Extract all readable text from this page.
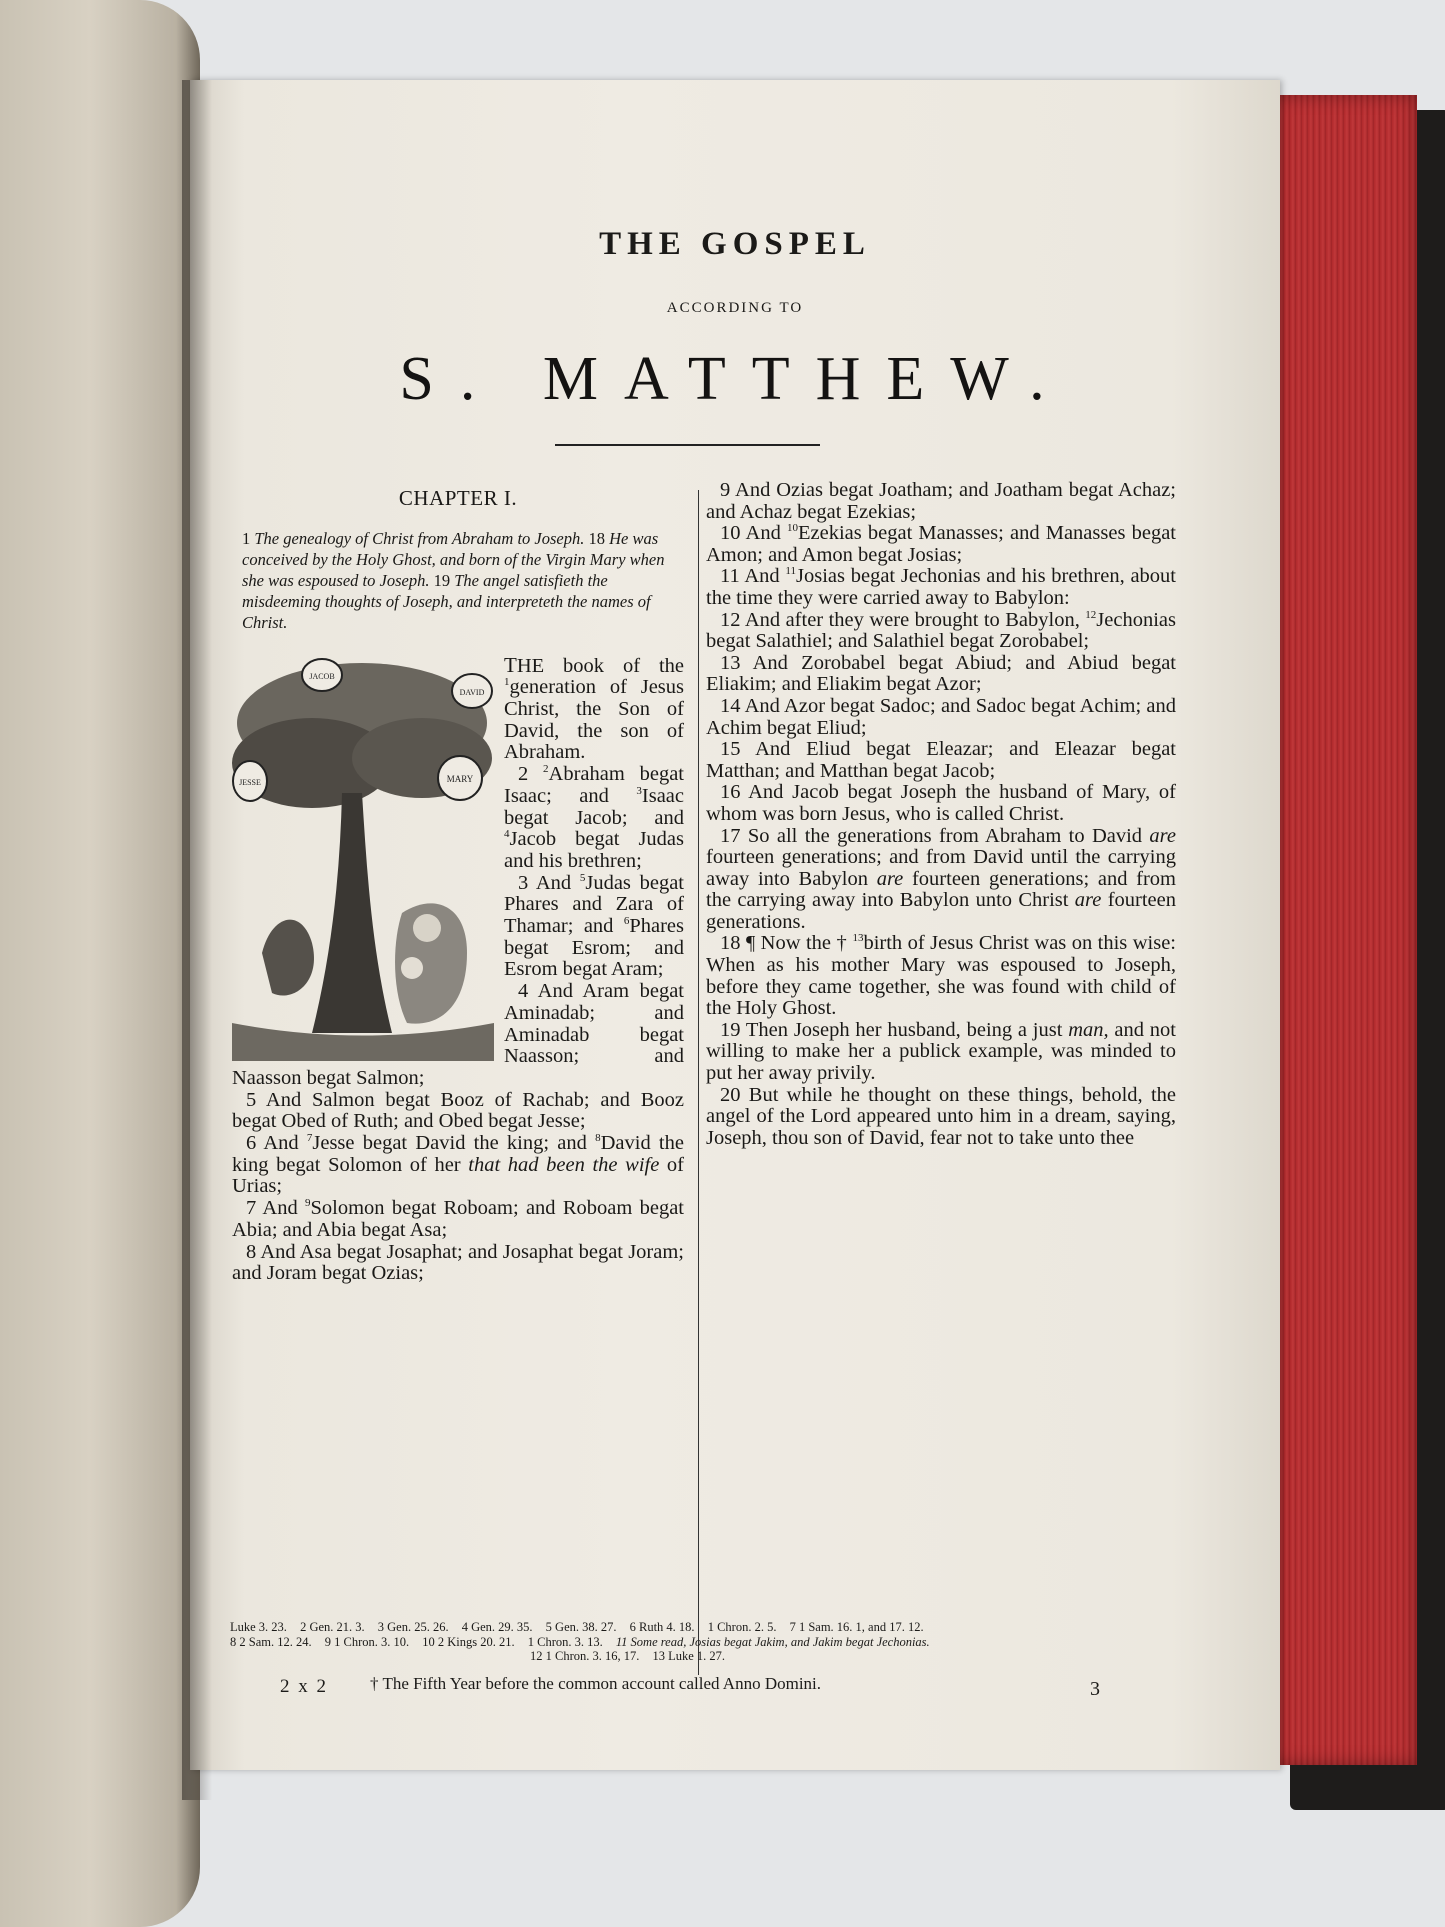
THE GOSPEL
ACCORDING TO
S. MATTHEW.
CHAPTER I.
1 The genealogy of Christ from Abraham to Joseph. 18 He was conceived by the Holy Ghost, and born of the Virgin Mary when she was espoused to Joseph. 19 The angel satisfieth the misdeeming thoughts of Joseph, and interpreteth the names of Christ.
JACOB
DAVID
JESSE	MARY

THE book of the $^1$generation of Jesus Christ, the Son of David, the son of Abraham.

2 $^2$Abraham begat Isaac; and $^3$Isaac begat Jacob; and $^4$Jacob begat Judas and his brethren;

3 And $^5$Judas begat Phares and Zara of Thamar; and $^6$Phares begat Esrom; and Esrom begat Aram;

4 And Aram begat Aminadab; and Aminadab begat Naasson; and Naasson begat Salmon;

5 And Salmon begat Booz of Rachab; and Booz begat Obed of Ruth; and Obed begat Jesse;

6 And $^7$Jesse begat David the king; and $^8$David the king begat Solomon of her that had been the wife of Urias;

7 And $^9$Solomon begat Roboam; and Roboam begat Abia; and Abia begat Asa;

8 And Asa begat Josaphat; and Josaphat begat Joram; and Joram begat Ozias;

9 And Ozias begat Joatham; and Joatham begat Achaz; and Achaz begat Ezekias;

10 And $^{10}$Ezekias begat Manasses; and Manasses begat Amon; and Amon begat Josias;

11 And $^{11}$Josias begat Jechonias and his brethren, about the time they were carried away to Babylon:

12 And after they were brought to Babylon, $^{12}$Jechonias begat Salathiel; and Salathiel begat Zorobabel;

13 And Zorobabel begat Abiud; and Abiud begat Eliakim; and Eliakim begat Azor;

14 And Azor begat Sadoc; and Sadoc begat Achim; and Achim begat Eliud;

15 And Eliud begat Eleazar; and Eleazar begat Matthan; and Matthan begat Jacob;

16 And Jacob begat Joseph the husband of Mary, of whom was born Jesus, who is called Christ.

17 So all the generations from Abraham to David are fourteen generations; and from David until the carrying away into Babylon are fourteen generations; and from the carrying away into Babylon unto Christ are fourteen generations.

18 ¶ Now the † $^{13}$birth of Jesus Christ was on this wise: When as his mother Mary was espoused to Joseph, before they came together, she was found with child of the Holy Ghost.

19 Then Joseph her husband, being a just man, and not willing to make her a publick example, was minded to put her away privily.

20 But while he thought on these things, behold, the angel of the Lord appeared unto him in a dream, saying, Joseph, thou son of David, fear not to take unto thee

Luke 3. 23. 2 Gen. 21. 3. 3 Gen. 25. 26. 4 Gen. 29. 35. 5 Gen. 38. 27. 6 Ruth 4. 18. 1 Chron. 2. 5. 7 1 Sam. 16. 1, and 17. 12.
8 2 Sam. 12. 24. 9 1 Chron. 3. 10. 10 2 Kings 20. 21. 1 Chron. 3. 13. 11 Some read, Josias begat Jakim, and Jakim begat Jechonias.
12 1 Chron. 3. 16, 17. 13 Luke 1. 27.
2 x 2 † The Fifth Year before the common account called Anno Domini.	3
